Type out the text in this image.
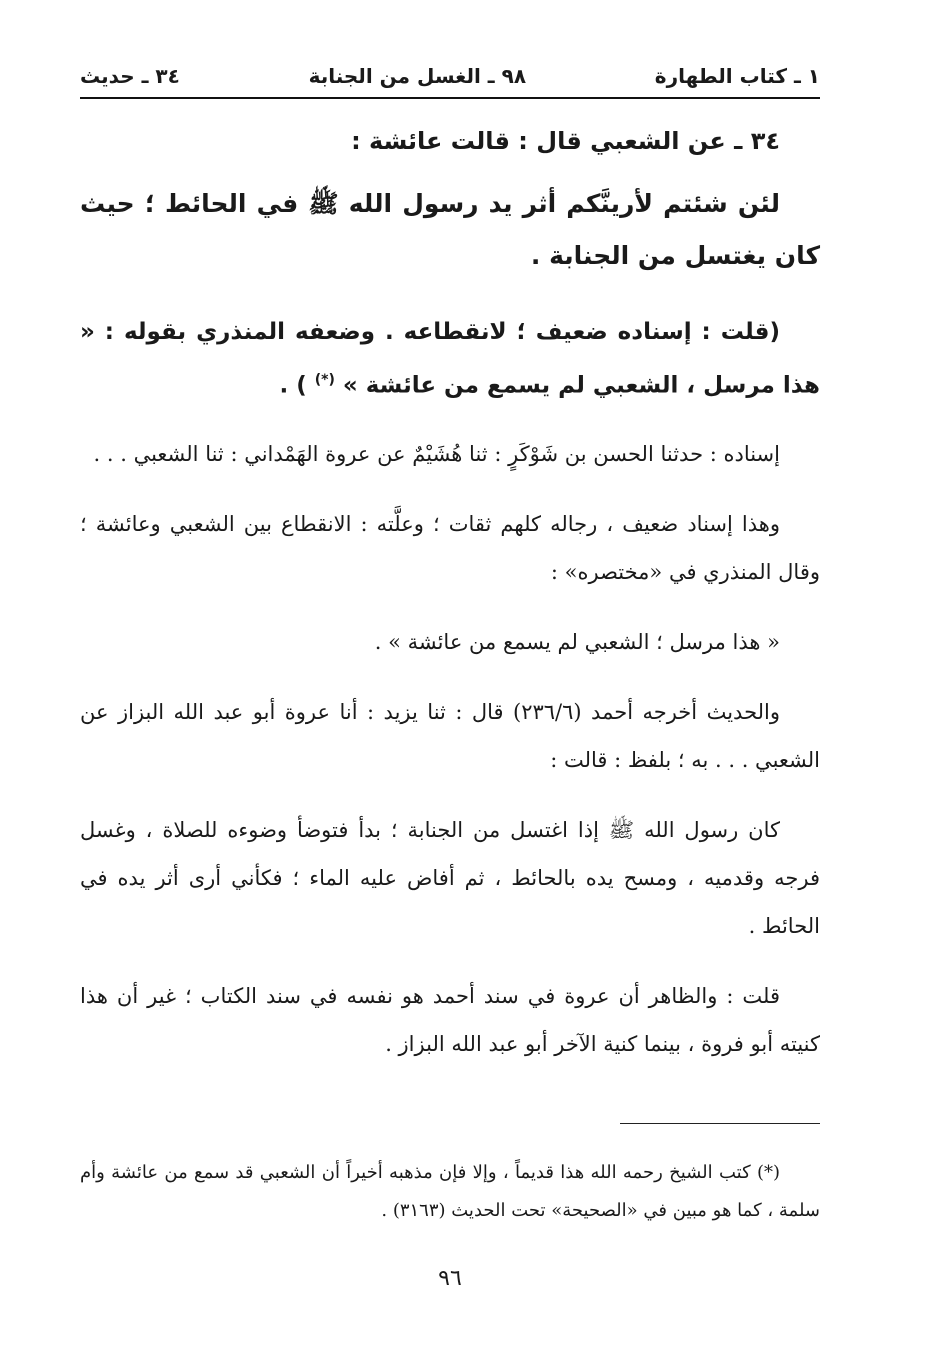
١ ـ كتاب الطهارة
٩٨ ـ الغسل من الجنابة
٣٤ ـ حديث

٣٤ ـ عن الشعبي قال : قالت عائشة :

لئن شئتم لأرينَّكم أثر يد رسول الله ﷺ في الحائط ؛ حيث كان يغتسل من الجنابة .

(قلت : إسناده ضعيف ؛ لانقطاعه . وضعفه المنذري بقوله : « هذا مرسل ، الشعبي لم يسمع من عائشة » (*) ) .

إسناده : حدثنا الحسن بن شَوْكَرٍ : ثنا هُشَيْمٌ عن عروة الهَمْداني : ثنا الشعبي . . .

وهذا إسناد ضعيف ، رجاله كلهم ثقات ؛ وعلَّته : الانقطاع بين الشعبي وعائشة ؛ وقال المنذري في «مختصره» :

« هذا مرسل ؛ الشعبي لم يسمع من عائشة » .

والحديث أخرجه أحمد (٢٣٦/٦) قال : ثنا يزيد : أنا عروة أبو عبد الله البزاز عن الشعبي . . . به ؛ بلفظ : قالت :

كان رسول الله ﷺ إذا اغتسل من الجنابة ؛ بدأ فتوضأ وضوءه للصلاة ، وغسل فرجه وقدميه ، ومسح يده بالحائط ، ثم أفاض عليه الماء ؛ فكأني أرى أثر يده في الحائط .

قلت : والظاهر أن عروة في سند أحمد هو نفسه في سند الكتاب ؛ غير أن هذا كنيته أبو فروة ، بينما كنية الآخر أبو عبد الله البزاز .

(*) كتب الشيخ رحمه الله هذا قديماً ، وإلا فإن مذهبه أخيراً أن الشعبي قد سمع من عائشة وأم سلمة ، كما هو مبين في «الصحيحة» تحت الحديث (٣١٦٣) .

٩٦
